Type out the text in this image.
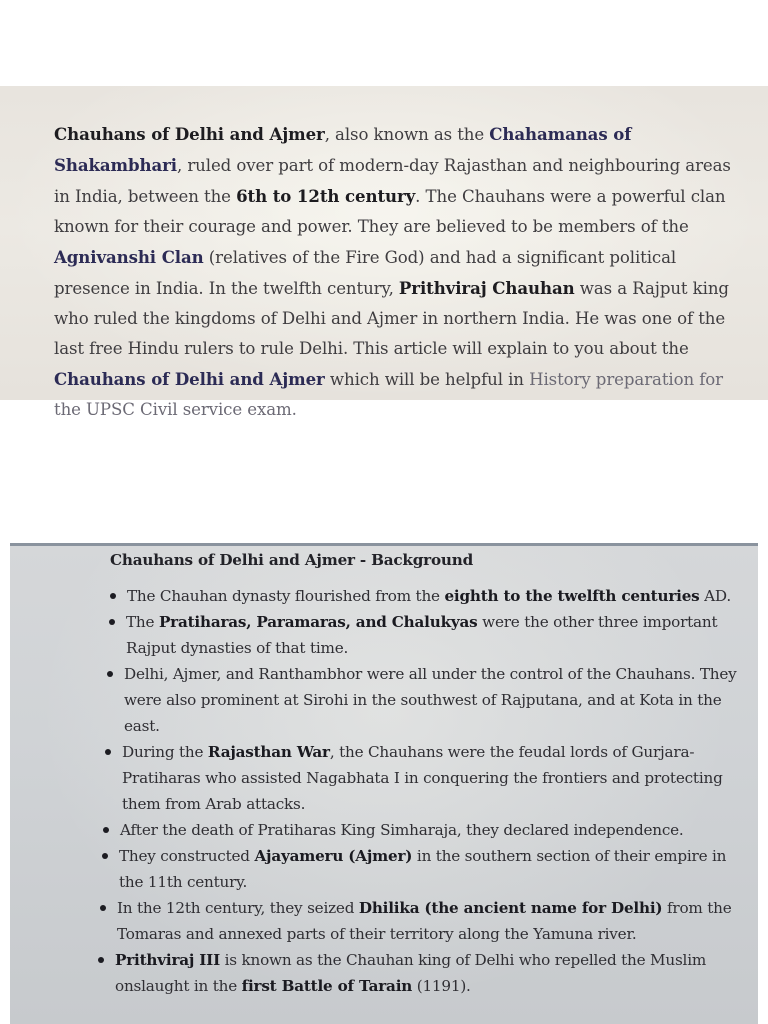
Chauhans of Delhi and Ajmer, also known as the Chahamanas of Shakambhari, ruled over part of modern-day Rajasthan and neighbouring areas in India, between the 6th to 12th century. The Chauhans were a powerful clan known for their courage and power. They are believed to be members of the Agnivanshi Clan (relatives of the Fire God) and had a significant political presence in India. In the twelfth century, Prithviraj Chauhan was a Rajput king who ruled the kingdoms of Delhi and Ajmer in northern India. He was one of the last free Hindu rulers to rule Delhi. This article will explain to you about the Chauhans of Delhi and Ajmer which will be helpful in History preparation for the UPSC Civil service exam.

Chauhans of Delhi and Ajmer - Background
The Chauhan dynasty flourished from the eighth to the twelfth centuries AD.
The Pratiharas, Paramaras, and Chalukyas were the other three important Rajput dynasties of that time.
Delhi, Ajmer, and Ranthambhor were all under the control of the Chauhans. They were also prominent at Sirohi in the southwest of Rajputana, and at Kota in the east.
During the Rajasthan War, the Chauhans were the feudal lords of Gurjara-Pratiharas who assisted Nagabhata I in conquering the frontiers and protecting them from Arab attacks.
After the death of Pratiharas King Simharaja, they declared independence.
They constructed Ajayameru (Ajmer) in the southern section of their empire in the 11th century.
In the 12th century, they seized Dhilika (the ancient name for Delhi) from the Tomaras and annexed parts of their territory along the Yamuna river.
Prithviraj III is known as the Chauhan king of Delhi who repelled the Muslim onslaught in the first Battle of Tarain (1191).
